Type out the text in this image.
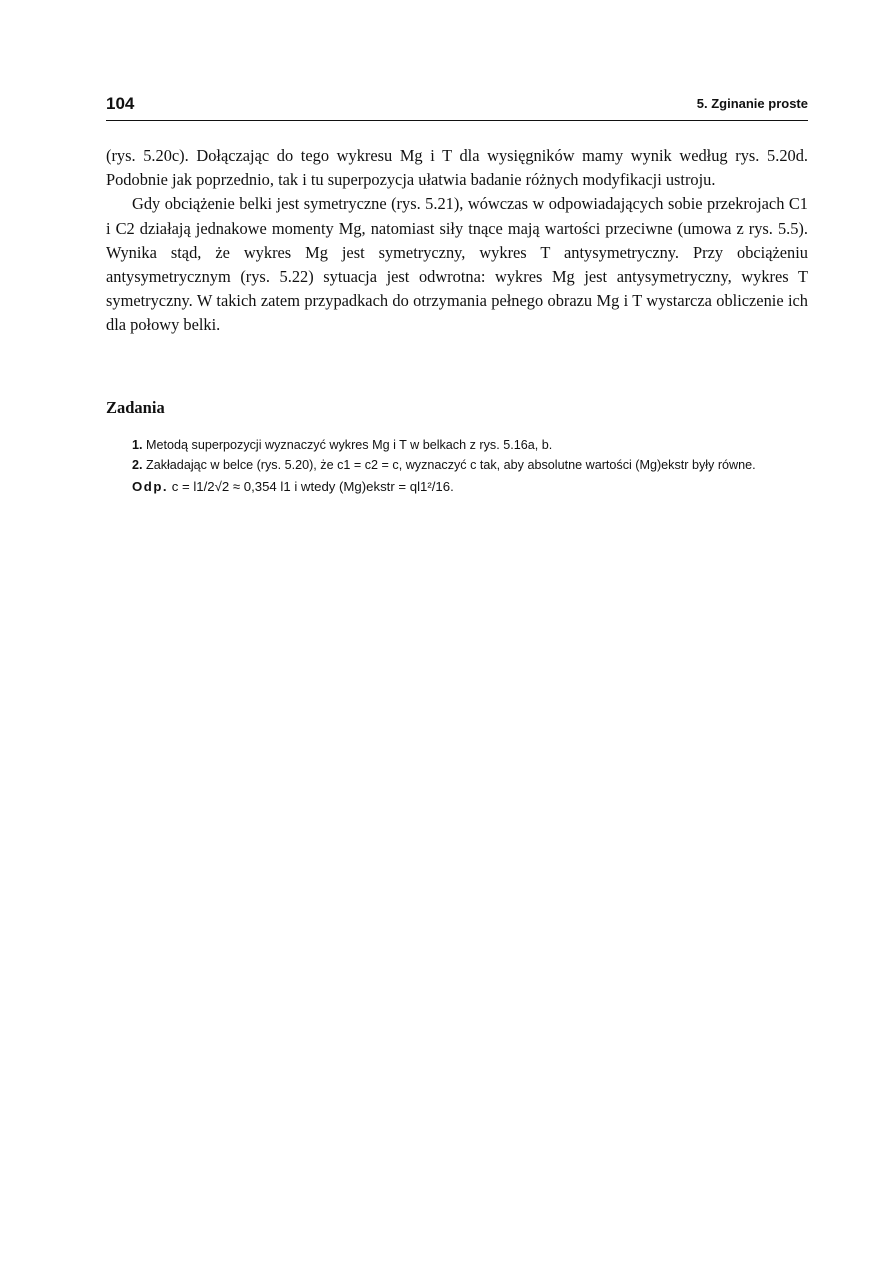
104	5. Zginanie proste

(rys. 5.20c). Dołączając do tego wykresu Mg i T dla wysięgników mamy wynik według rys. 5.20d. Podobnie jak poprzednio, tak i tu superpozycja ułatwia badanie różnych modyfikacji ustroju.

Gdy obciążenie belki jest symetryczne (rys. 5.21), wówczas w odpowiadających sobie przekrojach C1 i C2 działają jednakowe momenty Mg, natomiast siły tnące mają wartości przeciwne (umowa z rys. 5.5). Wynika stąd, że wykres Mg jest symetryczny, wykres T antysymetryczny. Przy obciążeniu antysymetrycznym (rys. 5.22) sytuacja jest odwrotna: wykres Mg jest antysymetryczny, wykres T symetryczny. W takich zatem przypadkach do otrzymania pełnego obrazu Mg i T wystarcza obliczenie ich dla połowy belki.

Zadania

1. Metodą superpozycji wyznaczyć wykres Mg i T w belkach z rys. 5.16a, b.

2. Zakładając w belce (rys. 5.20), że c1 = c2 = c, wyznaczyć c tak, aby absolutne wartości (Mg)ekstr były równe.

Odp. c = l1/2√2 ≈ 0,354 l1 i wtedy (Mg)ekstr = ql1²/16.
